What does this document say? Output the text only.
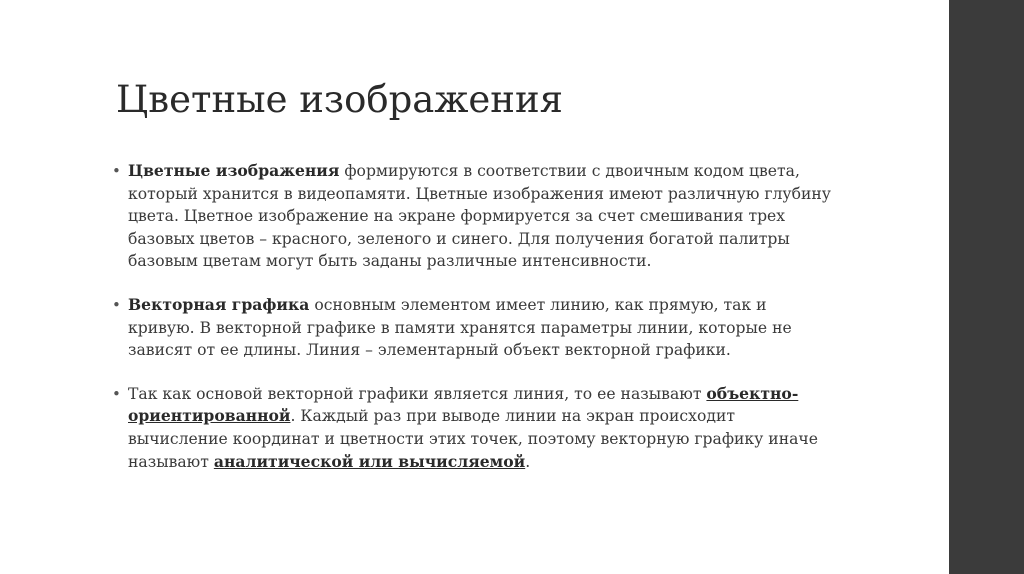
Цветные изображения
• Цветные изображения формируются в соответствии с двоичным кодом цвета, который хранится в видеопамяти. Цветные изображения имеют различную глубину цвета. Цветное изображение на экране формируется за счет смешивания трех базовых цветов – красного, зеленого и синего. Для получения богатой палитры базовым цветам могут быть заданы различные интенсивности.
• Векторная графика основным элементом имеет линию, как прямую, так и кривую. В векторной графике в памяти хранятся параметры линии, которые не зависят от ее длины. Линия – элементарный объект векторной графики.
• Так как основой векторной графики является линия, то ее называют объектно-ориентированной. Каждый раз при выводе линии на экран происходит вычисление координат и цветности этих точек, поэтому векторную графику иначе называют аналитической или вычисляемой.
